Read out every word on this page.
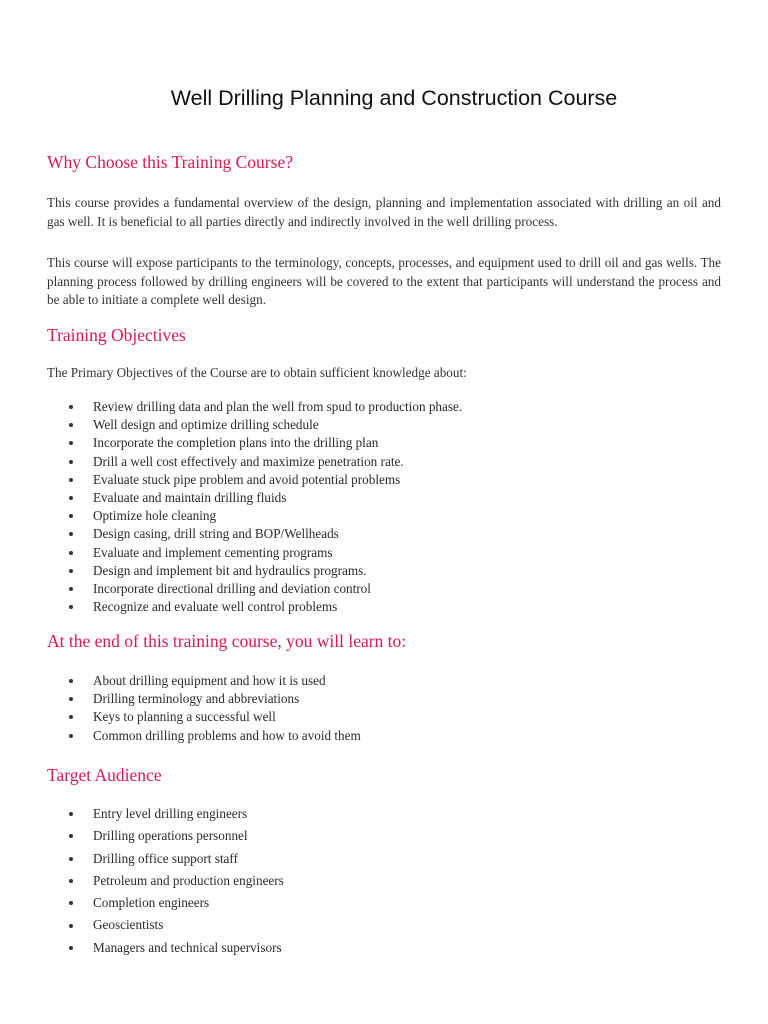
Well Drilling Planning and Construction Course
Why Choose this Training Course?

This course provides a fundamental overview of the design, planning and implementation associated with drilling an oil and gas well. It is beneficial to all parties directly and indirectly involved in the well drilling process.

This course will expose participants to the terminology, concepts, processes, and equipment used to drill oil and gas wells. The planning process followed by drilling engineers will be covered to the extent that participants will understand the process and be able to initiate a complete well design.

Training Objectives

The Primary Objectives of the Course are to obtain sufficient knowledge about:

Review drilling data and plan the well from spud to production phase.
Well design and optimize drilling schedule
Incorporate the completion plans into the drilling plan
Drill a well cost effectively and maximize penetration rate.
Evaluate stuck pipe problem and avoid potential problems
Evaluate and maintain drilling fluids
Optimize hole cleaning
Design casing, drill string and BOP/Wellheads
Evaluate and implement cementing programs
Design and implement bit and hydraulics programs.
Incorporate directional drilling and deviation control
Recognize and evaluate well control problems
At the end of this training course, you will learn to:
About drilling equipment and how it is used
Drilling terminology and abbreviations
Keys to planning a successful well
Common drilling problems and how to avoid them
Target Audience
Entry level drilling engineers
Drilling operations personnel
Drilling office support staff
Petroleum and production engineers
Completion engineers
Geoscientists
Managers and technical supervisors
